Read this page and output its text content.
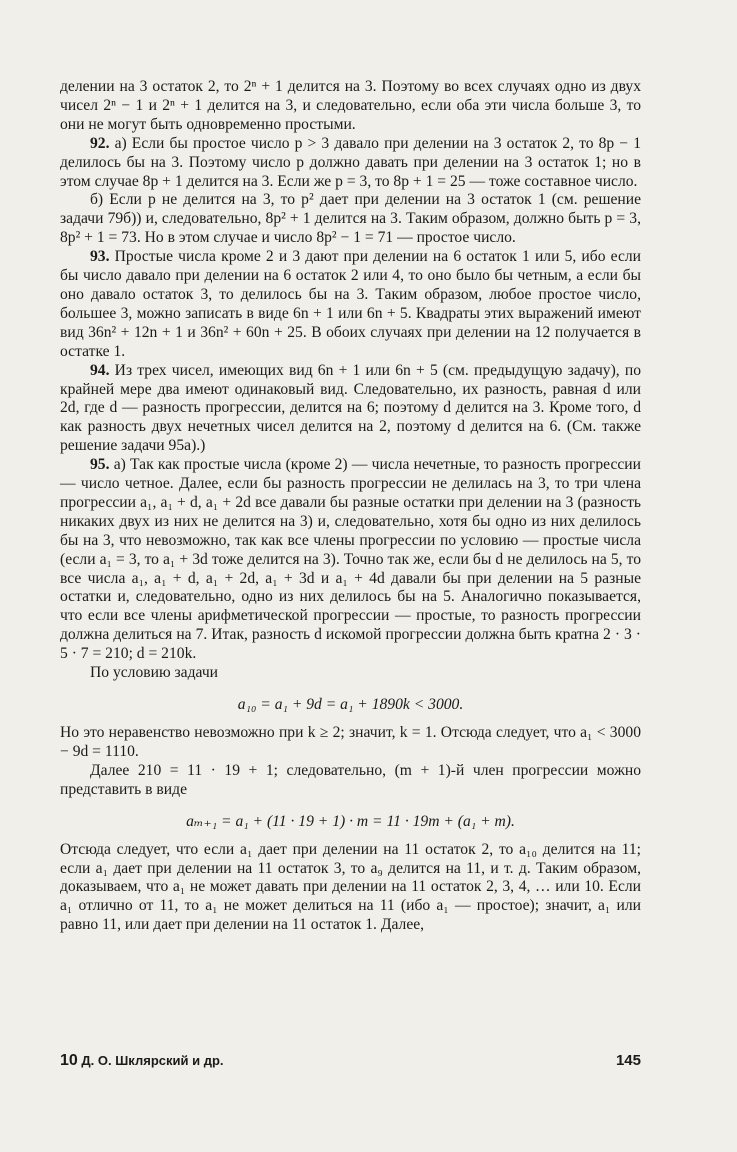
делении на 3 остаток 2, то 2ⁿ + 1 делится на 3. Поэтому во всех случаях одно из двух чисел 2ⁿ − 1 и 2ⁿ + 1 делится на 3, и следовательно, если оба эти числа больше 3, то они не могут быть одновременно простыми.

92. а) Если бы простое число p > 3 давало при делении на 3 остаток 2, то 8p − 1 делилось бы на 3. Поэтому число p должно давать при делении на 3 остаток 1; но в этом случае 8p + 1 делится на 3. Если же p = 3, то 8p + 1 = 25 — тоже составное число.

б) Если p не делится на 3, то p² дает при делении на 3 остаток 1 (см. решение задачи 79б)) и, следовательно, 8p² + 1 делится на 3. Таким образом, должно быть p = 3, 8p² + 1 = 73. Но в этом случае и число 8p² − 1 = 71 — простое число.

93. Простые числа кроме 2 и 3 дают при делении на 6 остаток 1 или 5, ибо если бы число давало при делении на 6 остаток 2 или 4, то оно было бы четным, а если бы оно давало остаток 3, то делилось бы на 3. Таким образом, любое простое число, большее 3, можно записать в виде 6n + 1 или 6n + 5. Квадраты этих выражений имеют вид 36n² + 12n + 1 и 36n² + 60n + 25. В обоих случаях при делении на 12 получается в остатке 1.

94. Из трех чисел, имеющих вид 6n + 1 или 6n + 5 (см. предыдущую задачу), по крайней мере два имеют одинаковый вид. Следовательно, их разность, равная d или 2d, где d — разность прогрессии, делится на 6; поэтому d делится на 3. Кроме того, d как разность двух нечетных чисел делится на 2, поэтому d делится на 6. (См. также решение задачи 95а).)

95. а) Так как простые числа (кроме 2) — числа нечетные, то разность прогрессии — число четное. Далее, если бы разность прогрессии не делилась на 3, то три члена прогрессии a₁, a₁ + d, a₁ + 2d все давали бы разные остатки при делении на 3 (разность никаких двух из них не делится на 3) и, следовательно, хотя бы одно из них делилось бы на 3, что невозможно, так как все члены прогрессии по условию — простые числа (если a₁ = 3, то a₁ + 3d тоже делится на 3). Точно так же, если бы d не делилось на 5, то все числа a₁, a₁ + d, a₁ + 2d, a₁ + 3d и a₁ + 4d давали бы при делении на 5 разные остатки и, следовательно, одно из них делилось бы на 5. Аналогично показывается, что если все члены арифметической прогрессии — простые, то разность прогрессии должна делиться на 7. Итак, разность d искомой прогрессии должна быть кратна 2 · 3 · 5 · 7 = 210; d = 210k.

По условию задачи

a₁₀ = a₁ + 9d = a₁ + 1890k < 3000.

Но это неравенство невозможно при k ≥ 2; значит, k = 1. Отсюда следует, что a₁ < 3000 − 9d = 1110.

Далее 210 = 11 · 19 + 1; следовательно, (m + 1)-й член прогрессии можно представить в виде

aₘ₊₁ = a₁ + (11 · 19 + 1) · m = 11 · 19m + (a₁ + m).

Отсюда следует, что если a₁ дает при делении на 11 остаток 2, то a₁₀ делится на 11; если a₁ дает при делении на 11 остаток 3, то a₉ делится на 11, и т. д. Таким образом, доказываем, что a₁ не может давать при делении на 11 остаток 2, 3, 4, … или 10. Если a₁ отлично от 11, то a₁ не может делиться на 11 (ибо a₁ — простое); значит, a₁ или равно 11, или дает при делении на 11 остаток 1. Далее,

10 Д. О. Шклярский и др.	145
